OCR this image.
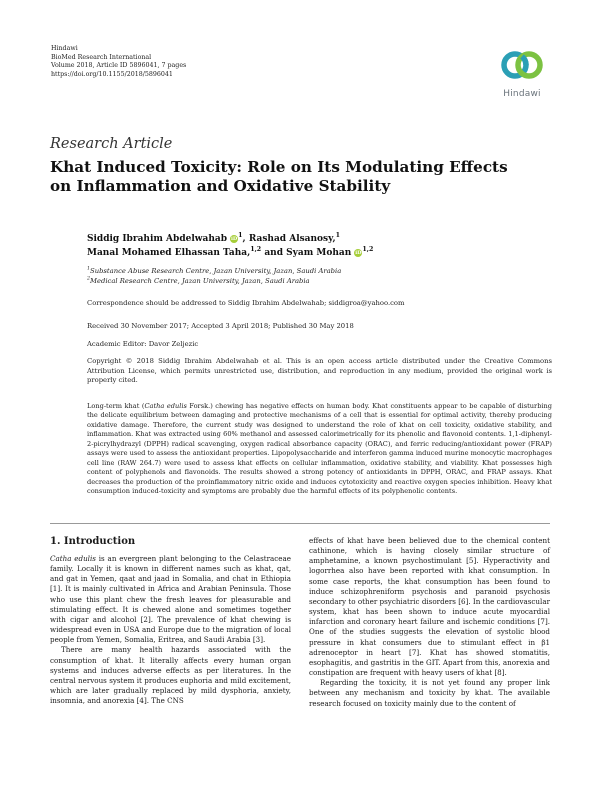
Hindawi
BioMed Research International
Volume 2018, Article ID 5896041, 7 pages
https://doi.org/10.1155/2018/5896041
Hindawi
Research Article
Khat Induced Toxicity: Role on Its Modulating Effects on Inflammation and Oxidative Stability
Siddig Ibrahim Abdelwahab $iD^1$, Rashad Alsanosy,$^1$
Manal Mohamed Elhassan Taha,$^{1,2}$ and Syam Mohan iD$^{1,2}$
$^1$Substance Abuse Research Centre, Jazan University, Jazan, Saudi Arabia
$^2$Medical Research Centre, Jazan University, Jazan, Saudi Arabia
Correspondence should be addressed to Siddig Ibrahim Abdelwahab; siddigroa@yahoo.com
Received 30 November 2017; Accepted 3 April 2018; Published 30 May 2018
Academic Editor: Davor Zeljezic
Copyright © 2018 Siddig Ibrahim Abdelwahab et al. This is an open access article distributed under the Creative Commons Attribution License, which permits unrestricted use, distribution, and reproduction in any medium, provided the original work is properly cited.
Long-term khat (Catha edulis Forsk.) chewing has negative effects on human body. Khat constituents appear to be capable of disturbing the delicate equilibrium between damaging and protective mechanisms of a cell that is essential for optimal activity, thereby producing oxidative damage. Therefore, the current study was designed to understand the role of khat on cell toxicity, oxidative stability, and inflammation. Khat was extracted using 60% methanol and assessed calorimetrically for its phenolic and flavonoid contents. 1,1-diphenyl-2-picrylhydrazyl (DPPH) radical scavenging, oxygen radical absorbance capacity (ORAC), and ferric reducing/antioxidant power (FRAP) assays were used to assess the antioxidant properties. Lipopolysaccharide and interferon gamma induced murine monocytic macrophages cell line (RAW 264.7) were used to assess khat effects on cellular inflammation, oxidative stability, and viability. Khat possesses high content of polyphenols and flavonoids. The results showed a strong potency of antioxidants in DPPH, ORAC, and FRAP assays. Khat decreases the production of the proinflammatory nitric oxide and induces cytotoxicity and reactive oxygen species inhibition. Heavy khat consumption induced-toxicity and symptoms are probably due the harmful effects of its polyphenolic contents.
1. Introduction

Catha edulis is an evergreen plant belonging to the Celastraceae family. Locally it is known in different names such as khat, qat, and gat in Yemen, qaat and jaad in Somalia, and chat in Ethiopia [1]. It is mainly cultivated in Africa and Arabian Peninsula. Those who use this plant chew the fresh leaves for pleasurable and stimulating effect. It is chewed alone and sometimes together with cigar and alcohol [2]. The prevalence of khat chewing is widespread even in USA and Europe due to the migration of local people from Yemen, Somalia, Eritrea, and Saudi Arabia [3].

There are many health hazards associated with the consumption of khat. It literally affects every human organ systems and induces adverse effects as per literatures. In the central nervous system it produces euphoria and mild excitement, which are later gradually replaced by mild dysphoria, anxiety, insomnia, and anorexia [4]. The CNS

effects of khat have been believed due to the chemical content cathinone, which is having closely similar structure of amphetamine, a known psychostimulant [5]. Hyperactivity and logorrhea also have been reported with khat consumption. In some case reports, the khat consumption has been found to induce schizophreniform psychosis and paranoid psychosis secondary to other psychiatric disorders [6]. In the cardiovascular system, khat has been shown to induce acute myocardial infarction and coronary heart failure and ischemic conditions [7]. One of the studies suggests the elevation of systolic blood pressure in khat consumers due to stimulant effect in β1 adrenoceptor in heart [7]. Khat has showed stomatitis, esophagitis, and gastritis in the GIT. Apart from this, anorexia and constipation are frequent with heavy users of khat [8].

Regarding the toxicity, it is not yet found any proper link between any mechanism and toxicity by khat. The available research focused on toxicity mainly due to the content of
